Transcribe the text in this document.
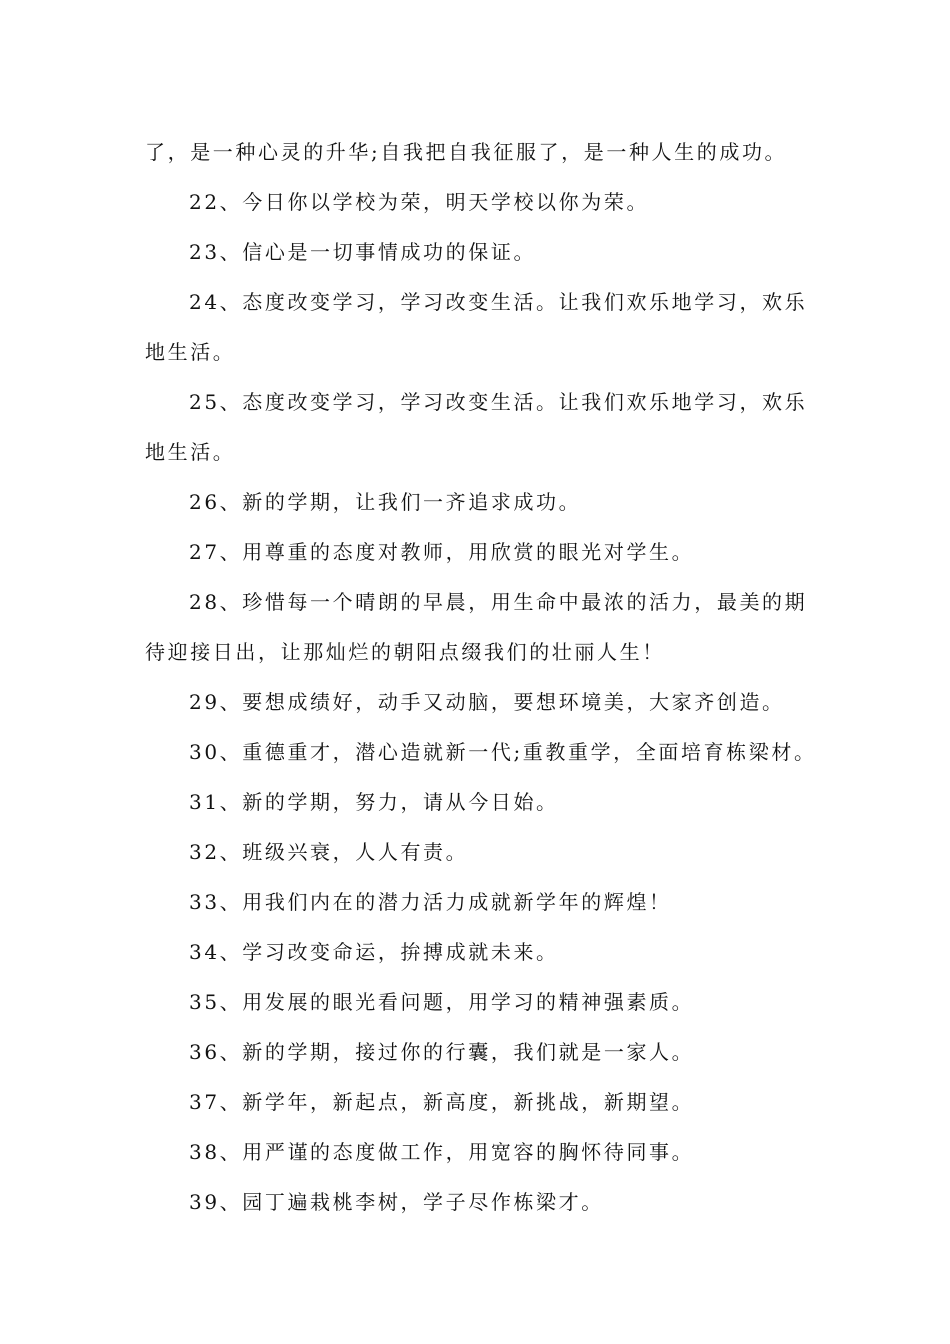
了，是一种心灵的升华;自我把自我征服了，是一种人生的成功。
22、今日你以学校为荣，明天学校以你为荣。
23、信心是一切事情成功的保证。
24、态度改变学习，学习改变生活。让我们欢乐地学习，欢乐
地生活。
25、态度改变学习，学习改变生活。让我们欢乐地学习，欢乐
地生活。
26、新的学期，让我们一齐追求成功。
27、用尊重的态度对教师，用欣赏的眼光对学生。
28、珍惜每一个晴朗的早晨，用生命中最浓的活力，最美的期
待迎接日出，让那灿烂的朝阳点缀我们的壮丽人生！
29、要想成绩好，动手又动脑，要想环境美，大家齐创造。
30、重德重才，潜心造就新一代;重教重学，全面培育栋梁材。
31、新的学期，努力，请从今日始。
32、班级兴衰，人人有责。
33、用我们内在的潜力活力成就新学年的辉煌！
34、学习改变命运，拚搏成就未来。
35、用发展的眼光看问题，用学习的精神强素质。
36、新的学期，接过你的行囊，我们就是一家人。
37、新学年，新起点，新高度，新挑战，新期望。
38、用严谨的态度做工作，用宽容的胸怀待同事。
39、园丁遍栽桃李树，学子尽作栋梁才。
